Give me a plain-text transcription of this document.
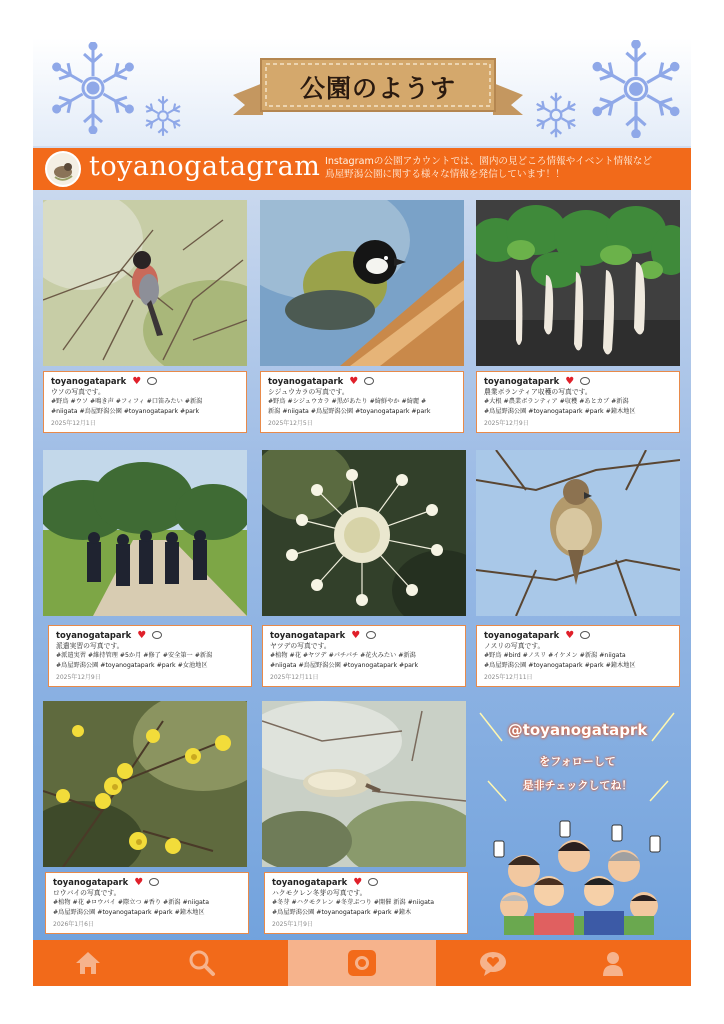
公園のようす
toyanogatagram Instagramの公園アカウントでは、園内の見どころ情報やイベント情報など
鳥屋野潟公園に関する様々な情報を発信しています！！
toyanogatapark ♥
ウソの写真です。
#野鳥 #ウソ #鳴き声 #フィフィ #口笛みたい #新潟
#niigata #鳥屋野潟公園 #toyanogatapark #park
2025年12月1日
toyanogatapark ♥
シジュウカラの写真です。
#野鳥 #シジュウカラ #黒があたり #綺鮮やか #綺麗 #
新潟 #niigata #鳥屋野潟公園 #toyanogatapark #park
2025年12月5日
toyanogatapark ♥
農業ボランティア収穫の写真です。
#大根 #農業ボランティア #収穫 #あとカブ #新潟
#鳥屋野潟公園 #toyanogatapark #park #鐘木地区
2025年12月9日
toyanogatapark ♥
派遣実習の写真です。
#派遣実習 #維持管理 #5か月 #修了 #安全第一 #新潟
#鳥屋野潟公園 #toyanogatapark #park #女池地区
2025年12月9日
toyanogatapark ♥
ヤツデの写真です。
#植物 #花 #ヤツデ #パチパチ #花火みたい #新潟
#niigata #鳥屋野潟公園 #toyanogatapark #park
2025年12月11日
toyanogatapark ♥
ノスリの写真です。
#野鳥 #bird #ノスリ #イケメン #新潟 #niigata
#鳥屋野潟公園 #toyanogatapark #park #鐘木地区
2025年12月11日
toyanogatapark ♥
ロウバイの写真です。
#植物 #花 #ロウバイ #際立つ #香り #新潟 #niigata
#鳥屋野潟公園 #toyanogatapark #park #鐘木地区
2026年1月6日
toyanogatapark ♥
ハクモクレン冬芽の写真です。
#冬芽 #ハクモクレン #冬芽ぷつり #開催 新潟 #niigata
#鳥屋野潟公園 #toyanogatapark #park #鐘木
2025年1月9日
@toyanogataprk
をフォローして
是非チェックしてね！
